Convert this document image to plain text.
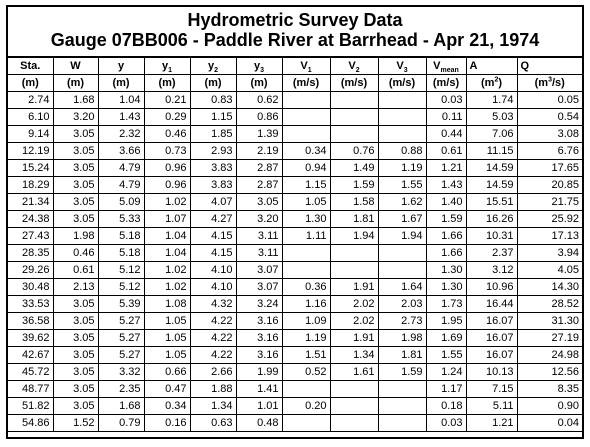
Hydrometric Survey Data
Gauge 07BB006 - Paddle River at Barrhead - Apr 21, 1974
Sta.	W	y	$y_1$	$y_2$	$y_3$	$V_1$	$V_2$	$V_3$	$V_{mean}$	A	Q
(m)	(m)	(m)	(m)	(m)	(m)	(m/s)	(m/s)	(m/s)	(m/s)	$(m^2)$	$(m^3/s)$
2.74	1.68	1.04	0.21	0.83	0.62				0.03	1.74	0.05
6.10	3.20	1.43	0.29	1.15	0.86				0.11	5.03	0.54
9.14	3.05	2.32	0.46	1.85	1.39				0.44	7.06	3.08
12.19	3.05	3.66	0.73	2.93	2.19	0.34	0.76	0.88	0.61	11.15	6.76
15.24	3.05	4.79	0.96	3.83	2.87	0.94	1.49	1.19	1.21	14.59	17.65
18.29	3.05	4.79	0.96	3.83	2.87	1.15	1.59	1.55	1.43	14.59	20.85
21.34	3.05	5.09	1.02	4.07	3.05	1.05	1.58	1.62	1.40	15.51	21.75
24.38	3.05	5.33	1.07	4.27	3.20	1.30	1.81	1.67	1.59	16.26	25.92
27.43	1.98	5.18	1.04	4.15	3.11	1.11	1.94	1.94	1.66	10.31	17.13
28.35	0.46	5.18	1.04	4.15	3.11				1.66	2.37	3.94
29.26	0.61	5.12	1.02	4.10	3.07				1.30	3.12	4.05
30.48	2.13	5.12	1.02	4.10	3.07	0.36	1.91	1.64	1.30	10.96	14.30
33.53	3.05	5.39	1.08	4.32	3.24	1.16	2.02	2.03	1.73	16.44	28.52
36.58	3.05	5.27	1.05	4.22	3.16	1.09	2.02	2.73	1.95	16.07	31.30
39.62	3.05	5.27	1.05	4.22	3.16	1.19	1.91	1.98	1.69	16.07	27.19
42.67	3.05	5.27	1.05	4.22	3.16	1.51	1.34	1.81	1.55	16.07	24.98
45.72	3.05	3.32	0.66	2.66	1.99	0.52	1.61	1.59	1.24	10.13	12.56
48.77	3.05	2.35	0.47	1.88	1.41				1.17	7.15	8.35
51.82	3.05	1.68	0.34	1.34	1.01	0.20			0.18	5.11	0.90
54.86	1.52	0.79	0.16	0.63	0.48				0.03	1.21	0.04
